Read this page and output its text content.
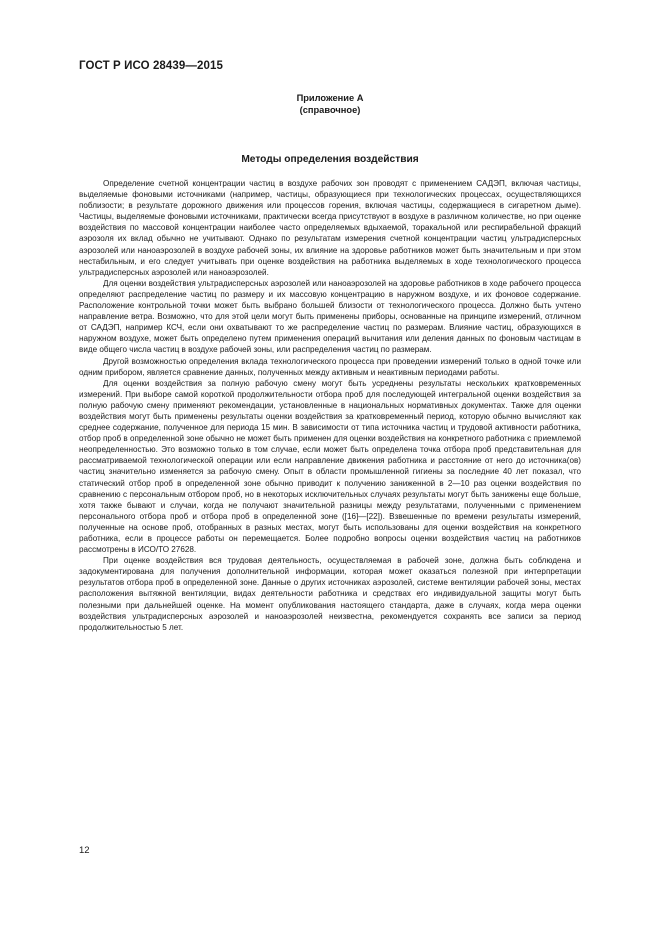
ГОСТ Р ИСО 28439—2015
Приложение А
(справочное)
Методы определения воздействия

Определение счетной концентрации частиц в воздухе рабочих зон проводят с применением САДЭП, включая частицы, выделяемые фоновыми источниками (например, частицы, образующиеся при технологических процессах, осуществляющихся поблизости; в результате дорожного движения или процессов горения, включая частицы, содержащиеся в сигаретном дыме). Частицы, выделяемые фоновыми источниками, практически всегда присутствуют в воздухе в различном количестве, но при оценке воздействия по массовой концентрации наиболее часто определяемых вдыхаемой, торакальной или респирабельной фракций аэрозоля их вклад обычно не учитывают. Однако по результатам измерения счетной концентрации частиц ультрадисперсных аэрозолей или наноаэрозолей в воздухе рабочей зоны, их влияние на здоровье работников может быть значительным и при этом нестабильным, и его следует учитывать при оценке воздействия на работника выделяемых в ходе технологического процесса ультрадисперсных аэрозолей или наноаэрозолей.

Для оценки воздействия ультрадисперсных аэрозолей или наноаэрозолей на здоровье работников в ходе рабочего процесса определяют распределение частиц по размеру и их массовую концентрацию в наружном воздухе, и их фоновое содержание. Расположение контрольной точки может быть выбрано большей близости от технологического процесса. Должно быть учтено направление ветра. Возможно, что для этой цели могут быть применены приборы, основанные на принципе измерений, отличном от САДЭП, например КСЧ, если они охватывают то же распределение частиц по размерам. Влияние частиц, образующихся в наружном воздухе, может быть определено путем применения операций вычитания или деления данных по фоновым частицам в виде общего числа частиц в воздухе рабочей зоны, или распределения частиц по размерам.

Другой возможностью определения вклада технологического процесса при проведении измерений только в одной точке или одним прибором, является сравнение данных, полученных между активным и неактивным периодами работы.

Для оценки воздействия за полную рабочую смену могут быть усреднены результаты нескольких кратковременных измерений. При выборе самой короткой продолжительности отбора проб для последующей интегральной оценки воздействия за полную рабочую смену применяют рекомендации, установленные в национальных нормативных документах. Также для оценки воздействия могут быть применены результаты оценки воздействия за кратковременный период, которую обычно вычисляют как среднее содержание, полученное для периода 15 мин. В зависимости от типа источника частиц и трудовой активности работника, отбор проб в определенной зоне обычно не может быть применен для оценки воздействия на конкретного работника с приемлемой неопределенностью. Это возможно только в том случае, если может быть определена точка отбора проб представительная для рассматриваемой технологической операции или если направление движения работника и расстояние от него до источника(ов) частиц значительно изменяется за рабочую смену. Опыт в области промышленной гигиены за последние 40 лет показал, что статический отбор проб в определенной зоне обычно приводит к получению заниженной в 2—10 раз оценки воздействия по сравнению с персональным отбором проб, но в некоторых исключительных случаях результаты могут быть занижены еще больше, хотя также бывают и случаи, когда не получают значительной разницы между результатами, полученными с применением персонального отбора проб и отбора проб в определенной зоне ([16]—[22]). Взвешенные по времени результаты измерений, полученные на основе проб, отобранных в разных местах, могут быть использованы для оценки воздействия на конкретного работника, если в процессе работы он перемещается. Более подробно вопросы оценки воздействия частиц на работников рассмотрены в ИСО/ТО 27628.

При оценке воздействия вся трудовая деятельность, осуществляемая в рабочей зоне, должна быть соблюдена и задокументирована для получения дополнительной информации, которая может оказаться полезной при интерпретации результатов отбора проб в определенной зоне. Данные о других источниках аэрозолей, системе вентиляции рабочей зоны, местах расположения вытяжной вентиляции, видах деятельности работника и средствах его индивидуальной защиты могут быть полезными при дальнейшей оценке. На момент опубликования настоящего стандарта, даже в случаях, когда мера оценки воздействия ультрадисперсных аэрозолей и наноаэрозолей неизвестна, рекомендуется сохранять все записи за период продолжительностью 5 лет.

12
